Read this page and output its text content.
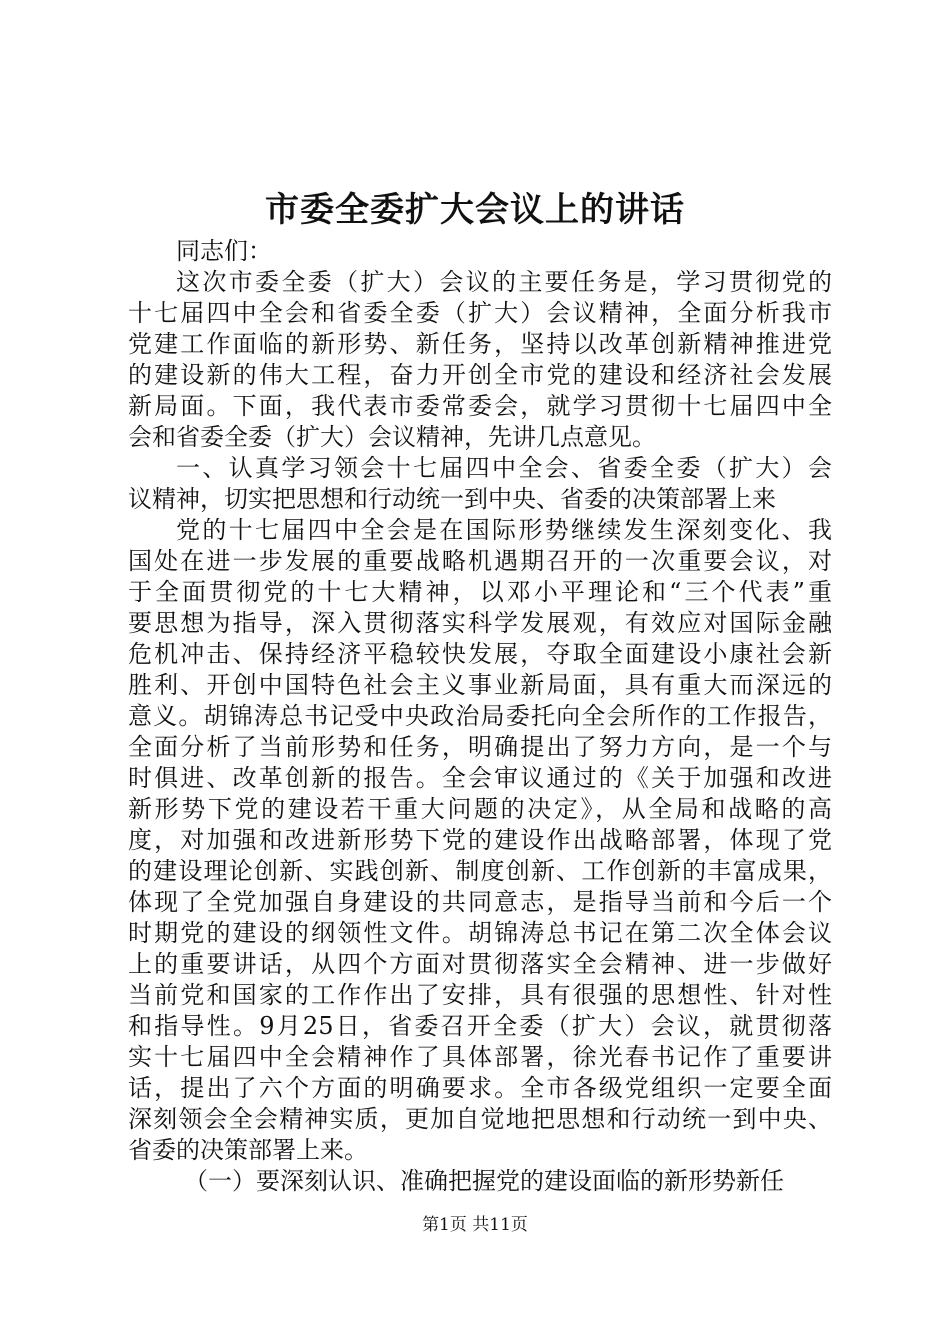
市委全委扩大会议上的讲话

同志们：

这次市委全委（扩大）会议的主要任务是，学习贯彻党的

十七届四中全会和省委全委（扩大）会议精神，全面分析我市

党建工作面临的新形势、新任务，坚持以改革创新精神推进党

的建设新的伟大工程，奋力开创全市党的建设和经济社会发展

新局面。下面，我代表市委常委会，就学习贯彻十七届四中全

会和省委全委（扩大）会议精神，先讲几点意见。

一、认真学习领会十七届四中全会、省委全委（扩大）会

议精神，切实把思想和行动统一到中央、省委的决策部署上来

党的十七届四中全会是在国际形势继续发生深刻变化、我

国处在进一步发展的重要战略机遇期召开的一次重要会议，对

于全面贯彻党的十七大精神，以邓小平理论和“三个代表”重

要思想为指导，深入贯彻落实科学发展观，有效应对国际金融

危机冲击、保持经济平稳较快发展，夺取全面建设小康社会新

胜利、开创中国特色社会主义事业新局面，具有重大而深远的

意义。胡锦涛总书记受中央政治局委托向全会所作的工作报告，

全面分析了当前形势和任务，明确提出了努力方向，是一个与

时俱进、改革创新的报告。全会审议通过的《关于加强和改进

新形势下党的建设若干重大问题的决定》，从全局和战略的高

度，对加强和改进新形势下党的建设作出战略部署，体现了党

的建设理论创新、实践创新、制度创新、工作创新的丰富成果，

体现了全党加强自身建设的共同意志，是指导当前和今后一个

时期党的建设的纲领性文件。胡锦涛总书记在第二次全体会议

上的重要讲话，从四个方面对贯彻落实全会精神、进一步做好

当前党和国家的工作作出了安排，具有很强的思想性、针对性

和指导性。9月25日，省委召开全委（扩大）会议，就贯彻落

实十七届四中全会精神作了具体部署，徐光春书记作了重要讲

话，提出了六个方面的明确要求。全市各级党组织一定要全面

深刻领会全会精神实质，更加自觉地把思想和行动统一到中央、

省委的决策部署上来。

（一）要深刻认识、准确把握党的建设面临的新形势新任

第1页 共11页
